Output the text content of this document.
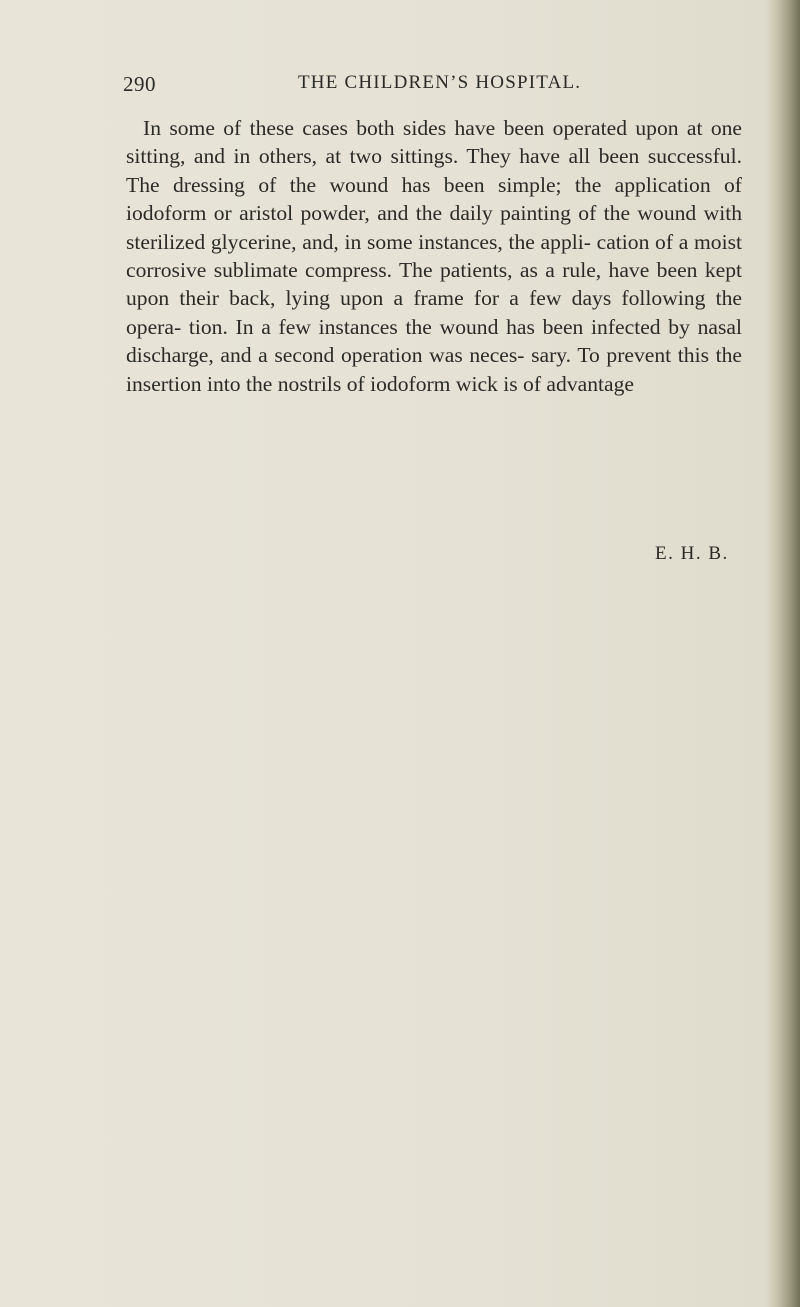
290	THE CHILDREN’S HOSPITAL.

In some of these cases both sides have been operated upon at one sitting, and in others, at two sittings. They have all been successful. The dressing of the wound has been simple; the application of iodoform or aristol powder, and the daily painting of the wound with sterilized glycerine, and, in some instances, the appli- cation of a moist corrosive sublimate compress. The patients, as a rule, have been kept upon their back, lying upon a frame for a few days following the opera- tion. In a few instances the wound has been infected by nasal discharge, and a second operation was neces- sary. To prevent this the insertion into the nostrils of iodoform wick is of advantage

E. H. B.
